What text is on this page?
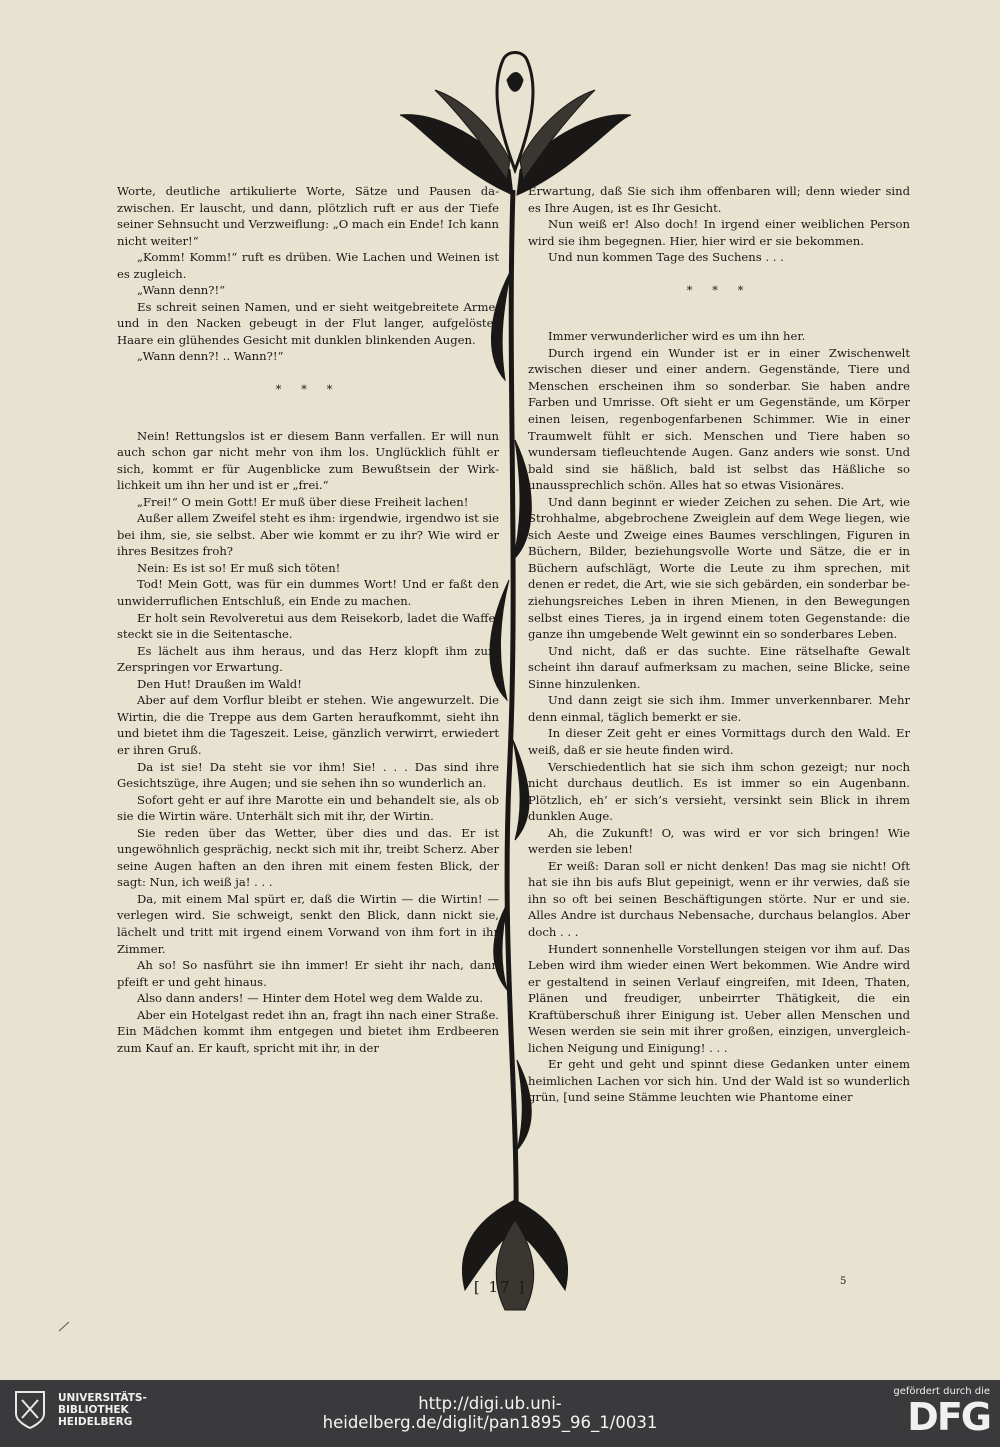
Worte, deutliche artikulierte Worte, Sätze und Pausen dazwischen. Er lauscht, und dann, plötzlich ruft er aus der Tiefe seiner Sehnsucht und Verzweiflung: „O mach ein Ende! Ich kann nicht weiter!“

„Komm! Komm!“ ruft es drüben. Wie Lachen und Weinen ist es zugleich.

„Wann denn?!“

Es schreit seinen Namen, und er sieht weitgebreitete Arme, und in den Nacken gebeugt in der Flut langer, aufgelöster Haare ein glühendes Gesicht mit dunklen blinkenden Augen.

„Wann denn?! .. Wann?!“

* * *

Nein! Rettungslos ist er diesem Bann verfallen. Er will nun auch schon gar nicht mehr von ihm los. Unglücklich fühlt er sich, kommt er für Augenblicke zum Bewußtsein der Wirklichkeit um ihn her und ist er „frei.“

„Frei!“ O mein Gott! Er muß über diese Freiheit lachen!

Außer allem Zweifel steht es ihm: irgendwie, irgendwo ist sie bei ihm, sie, sie selbst. Aber wie kommt er zu ihr? Wie wird er ihres Besitzes froh?

Nein: Es ist so! Er muß sich töten!

Tod! Mein Gott, was für ein dummes Wort! Und er faßt den unwiderruflichen Entschluß, ein Ende zu machen.

Er holt sein Revolveretui aus dem Reisekorb, ladet die Waffe, steckt sie in die Seitentasche.

Es lächelt aus ihm heraus, und das Herz klopft ihm zum Zerspringen vor Erwartung.

Den Hut! Draußen im Wald!

Aber auf dem Vorflur bleibt er stehen. Wie angewurzelt. Die Wirtin, die die Treppe aus dem Garten heraufkommt, sieht ihn und bietet ihm die Tageszeit. Leise, gänzlich verwirrt, erwiedert er ihren Gruß.

Da ist sie! Da steht sie vor ihm! Sie! . . . Das sind ihre Gesichtszüge, ihre Augen; und sie sehen ihn so wunderlich an.

Sofort geht er auf ihre Marotte ein und behandelt sie, als ob sie die Wirtin wäre. Unterhält sich mit ihr, der Wirtin.

Sie reden über das Wetter, über dies und das. Er ist ungewöhnlich gesprächig, neckt sich mit ihr, treibt Scherz. Aber seine Augen haften an den ihren mit einem festen Blick, der sagt: Nun, ich weiß ja! . . .

Da, mit einem Mal spürt er, daß die Wirtin — die Wirtin! — verlegen wird. Sie schweigt, senkt den Blick, dann nickt sie, lächelt und tritt mit irgend einem Vorwand von ihm fort in ihr Zimmer.

Ah so! So nasführt sie ihn immer! Er sieht ihr nach, dann pfeift er und geht hinaus.

Also dann anders! — Hinter dem Hotel weg dem Walde zu.

Aber ein Hotelgast redet ihn an, fragt ihn nach einer Straße. Ein Mädchen kommt ihm entgegen und bietet ihm Erdbeeren zum Kauf an. Er kauft, spricht mit ihr, in der

Erwartung, daß Sie sich ihm offenbaren will; denn wieder sind es Ihre Augen, ist es Ihr Gesicht.

Nun weiß er! Also doch! In irgend einer weiblichen Person wird sie ihm begegnen. Hier, hier wird er sie bekommen.

Und nun kommen Tage des Suchens . . .

* * *

Immer verwunderlicher wird es um ihn her.

Durch irgend ein Wunder ist er in einer Zwischenwelt zwischen dieser und einer andern. Gegenstände, Tiere und Menschen erscheinen ihm so sonderbar. Sie haben andre Farben und Umrisse. Oft sieht er um Gegenstände, um Körper einen leisen, regenbogenfarbenen Schimmer. Wie in einer Traumwelt fühlt er sich. Menschen und Tiere haben so wundersam tiefleuchtende Augen. Ganz anders wie sonst. Und bald sind sie häßlich, bald ist selbst das Häßliche so unaussprechlich schön. Alles hat so etwas Visionäres.

Und dann beginnt er wieder Zeichen zu sehen. Die Art, wie Strohhalme, abgebrochene Zweiglein auf dem Wege liegen, wie sich Aeste und Zweige eines Baumes verschlingen, Figuren in Büchern, Bilder, beziehungsvolle Worte und Sätze, die er in Büchern aufschlägt, Worte die Leute zu ihm sprechen, mit denen er redet, die Art, wie sie sich gebärden, ein sonderbar beziehungsreiches Leben in ihren Mienen, in den Bewegungen selbst eines Tieres, ja in irgend einem toten Gegenstande: die ganze ihn umgebende Welt gewinnt ein so sonderbares Leben.

Und nicht, daß er das suchte. Eine rätselhafte Gewalt scheint ihn darauf aufmerksam zu machen, seine Blicke, seine Sinne hinzulenken.

Und dann zeigt sie sich ihm. Immer unverkennbarer. Mehr denn einmal, täglich bemerkt er sie.

In dieser Zeit geht er eines Vormittags durch den Wald. Er weiß, daß er sie heute finden wird.

Verschiedentlich hat sie sich ihm schon gezeigt; nur noch nicht durchaus deutlich. Es ist immer so ein Augenbann. Plötzlich, eh’ er sich’s versieht, versinkt sein Blick in ihrem dunklen Auge.

Ah, die Zukunft! O, was wird er vor sich bringen! Wie werden sie leben!

Er weiß: Daran soll er nicht denken! Das mag sie nicht! Oft hat sie ihn bis aufs Blut gepeinigt, wenn er ihr verwies, daß sie ihn so oft bei seinen Beschäftigungen störte. Nur er und sie. Alles Andre ist durchaus Nebensache, durchaus belanglos. Aber doch . . .

Hundert sonnenhelle Vorstellungen steigen vor ihm auf. Das Leben wird ihm wieder einen Wert bekommen. Wie Andre wird er gestaltend in seinen Verlauf eingreifen, mit Ideen, Thaten, Plänen und freudiger, unbeirrter Thätigkeit, die ein Kraftüberschuß ihrer Einigung ist. Ueber allen Menschen und Wesen werden sie sein mit ihrer großen, einzigen, unvergleichlichen Neigung und Einigung! . . .

Er geht und geht und spinnt diese Gedanken unter einem heimlichen Lachen vor sich hin. Und der Wald ist so wunderlich grün, [und seine Stämme leuchten wie Phantome einer

[ 17 ]	5
UNIVERSITÄTS-
BIBLIOTHEK
HEIDELBERG
http://digi.ub.uni-heidelberg.de/diglit/pan1895_96_1/0031
gefördert durch die
DFG
